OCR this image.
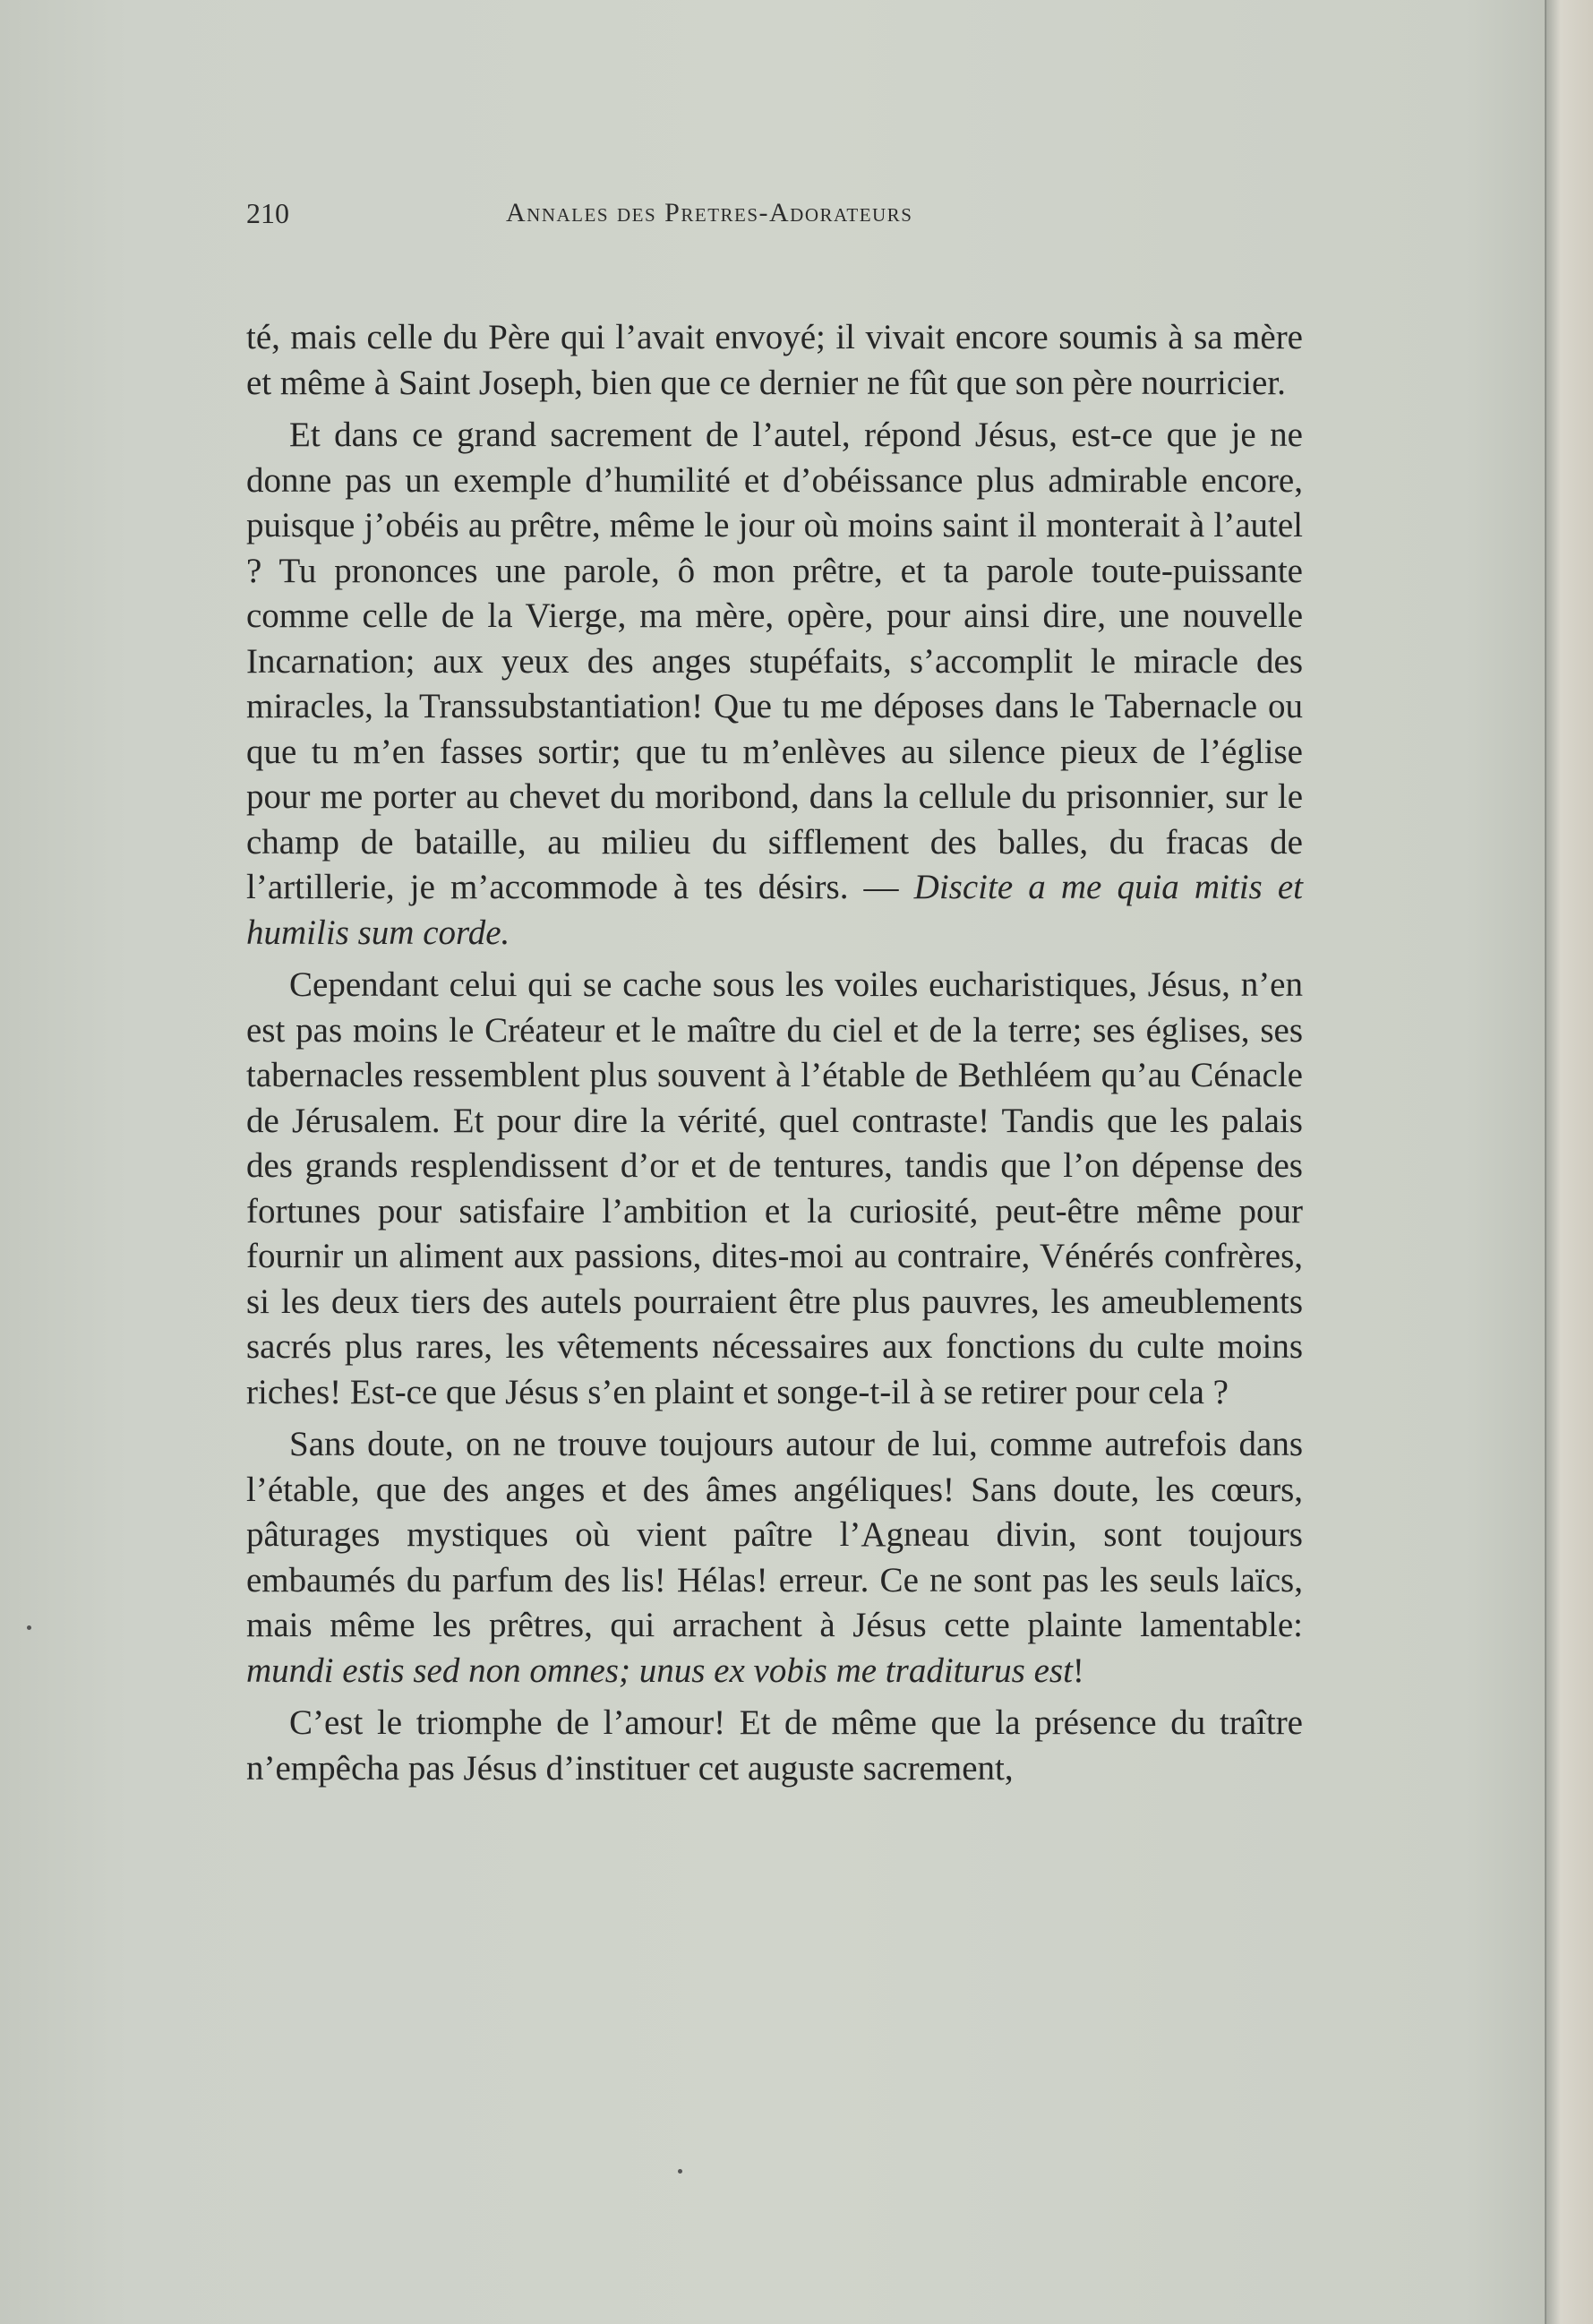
210	Annales des Pretres-Adorateurs

té, mais celle du Père qui l’avait envoyé; il vivait encore soumis à sa mère et même à Saint Joseph, bien que ce dernier ne fût que son père nourricier.

Et dans ce grand sacrement de l’autel, répond Jésus, est-ce que je ne donne pas un exemple d’humilité et d’obéissance plus admirable encore, puisque j’obéis au prêtre, même le jour où moins saint il monterait à l’autel ? Tu prononces une parole, ô mon prêtre, et ta parole toute-puissante comme celle de la Vierge, ma mère, opère, pour ainsi dire, une nouvelle Incarnation; aux yeux des anges stupéfaits, s’accomplit le miracle des miracles, la Transsubstantiation! Que tu me déposes dans le Tabernacle ou que tu m’en fasses sortir; que tu m’enlèves au silence pieux de l’église pour me porter au chevet du moribond, dans la cellule du prisonnier, sur le champ de bataille, au milieu du sifflement des balles, du fracas de l’artillerie, je m’accommode à tes désirs. — Discite a me quia mitis et humilis sum corde.

Cependant celui qui se cache sous les voiles eucharistiques, Jésus, n’en est pas moins le Créateur et le maître du ciel et de la terre; ses églises, ses tabernacles ressemblent plus souvent à l’étable de Bethléem qu’au Cénacle de Jérusalem. Et pour dire la vérité, quel contraste! Tandis que les palais des grands resplendissent d’or et de tentures, tandis que l’on dépense des fortunes pour satisfaire l’ambition et la curiosité, peut-être même pour fournir un aliment aux passions, dites-moi au contraire, Vénérés confrères, si les deux tiers des autels pourraient être plus pauvres, les ameublements sacrés plus rares, les vêtements nécessaires aux fonctions du culte moins riches! Est-ce que Jésus s’en plaint et songe-t-il à se retirer pour cela ?

Sans doute, on ne trouve toujours autour de lui, comme autrefois dans l’étable, que des anges et des âmes angéliques! Sans doute, les cœurs, pâturages mystiques où vient paître l’Agneau divin, sont toujours embaumés du parfum des lis! Hélas! erreur. Ce ne sont pas les seuls laïcs, mais même les prêtres, qui arrachent à Jésus cette plainte lamentable: mundi estis sed non omnes; unus ex vobis me traditurus est!

C’est le triomphe de l’amour! Et de même que la présence du traître n’empêcha pas Jésus d’instituer cet auguste sacrement,
